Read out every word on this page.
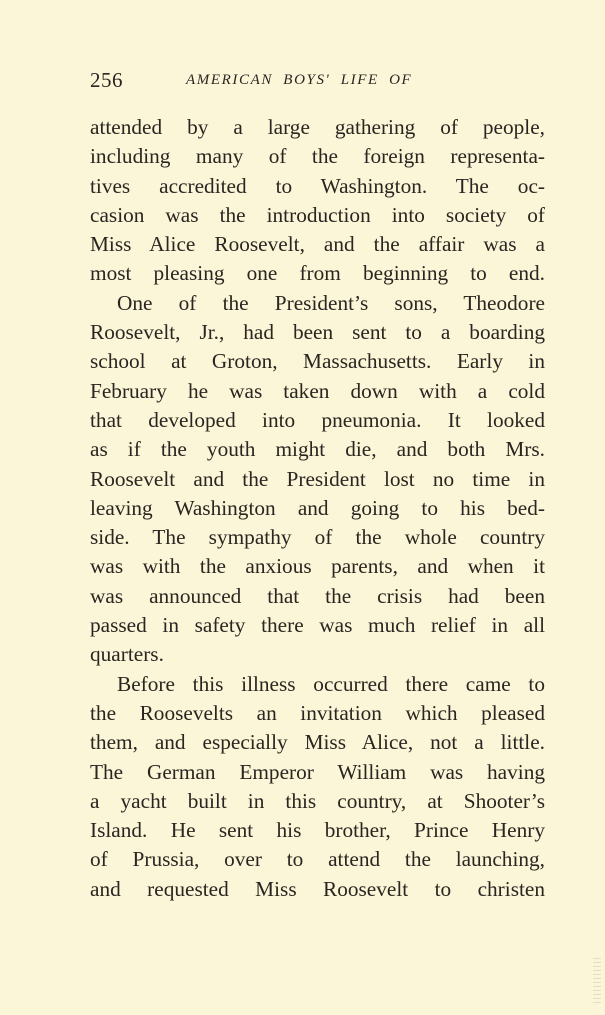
256	AMERICAN BOYS' LIFE OF
attended by a large gathering of people,
including many of the foreign representa-
tives accredited to Washington. The oc-
casion was the introduction into society of
Miss Alice Roosevelt, and the affair was a
most pleasing one from beginning to end.
One of the President’s sons, Theodore
Roosevelt, Jr., had been sent to a boarding
school at Groton, Massachusetts. Early in
February he was taken down with a cold
that developed into pneumonia. It looked
as if the youth might die, and both Mrs.
Roosevelt and the President lost no time in
leaving Washington and going to his bed-
side. The sympathy of the whole country
was with the anxious parents, and when it
was announced that the crisis had been
passed in safety there was much relief in all
quarters.
Before this illness occurred there came to
the Roosevelts an invitation which pleased
them, and especially Miss Alice, not a little.
The German Emperor William was having
a yacht built in this country, at Shooter’s
Island. He sent his brother, Prince Henry
of Prussia, over to attend the launching,
and requested Miss Roosevelt to christen
